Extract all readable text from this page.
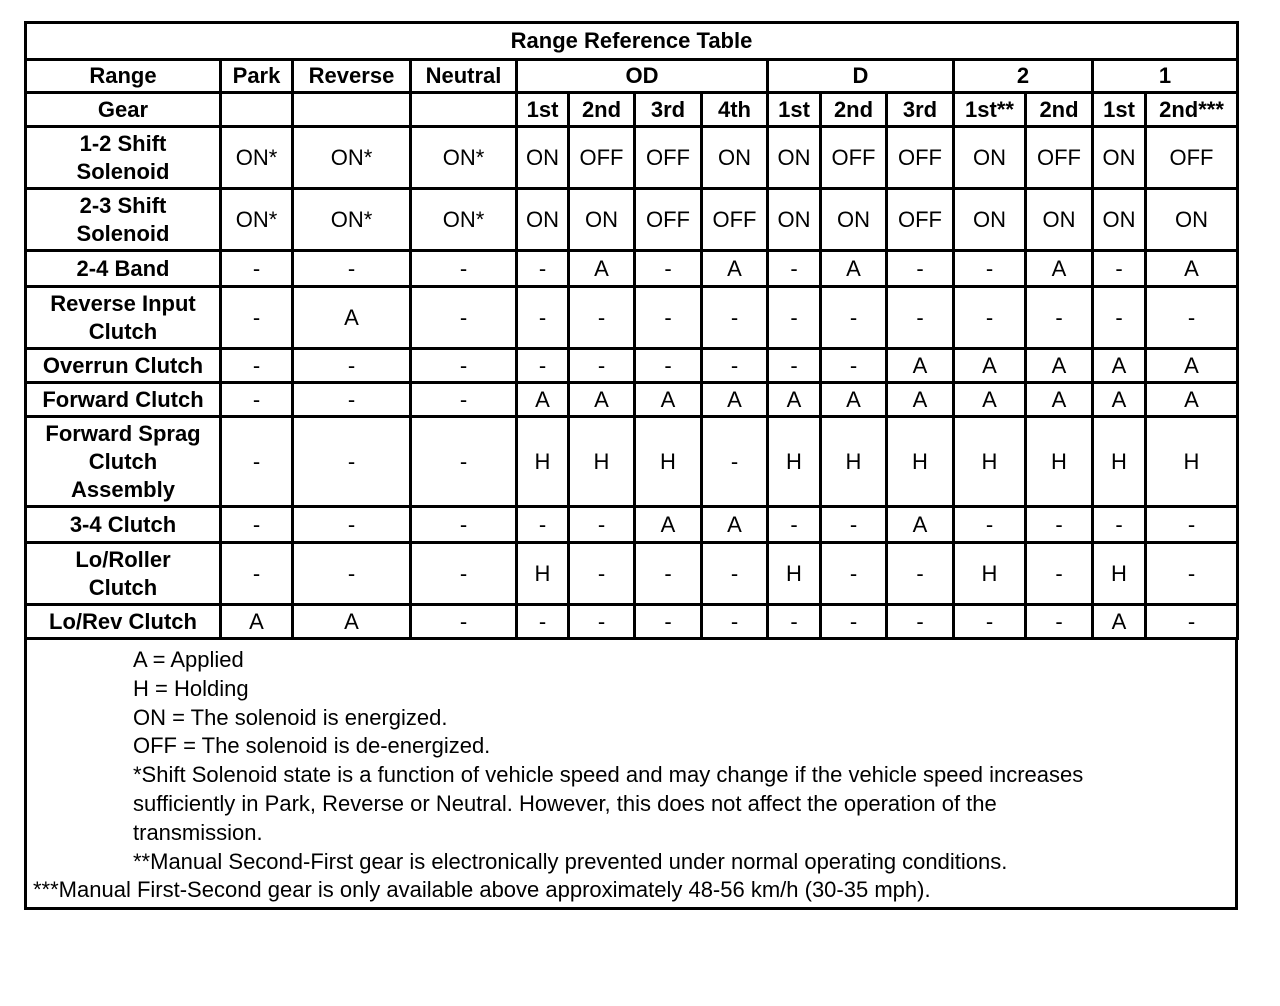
Range Reference Table														
Range	Park	Reverse	Neutral	OD				D			2		1	
Gear				1st	2nd	3rd	4th	1st	2nd	3rd	1st**	2nd	1st	2nd***

1-2 Shift
Solenoid	ON*	ON*	ON*	ON	OFF	OFF	ON	ON	OFF	OFF	ON	OFF	ON	OFF

2-3 Shift
Solenoid	ON*	ON*	ON*	ON	ON	OFF	OFF	ON	ON	OFF	ON	ON	ON	ON

2-4 Band	-	-	-	-	A	-	A	-	A	-	-	A	-	A

Reverse Input
Clutch	-	A	-	-	-	-	-	-	-	-	-	-	-	-

Overrun Clutch	-	-	-	-	-	-	-	-	-	A	A	A	A	A

Forward Clutch	-	-	-	A	A	A	A	A	A	A	A	A	A	A

Forward Sprag
Clutch
Assembly	-	-	-	H	H	H	-	H	H	H	H	H	H	H

3-4 Clutch	-	-	-	-	-	A	A	-	-	A	-	-	-	-

Lo/Roller
Clutch	-	-	-	H	-	-	-	H	-	-	H	-	H	-

Lo/Rev Clutch	A	A	-	-	-	-	-	-	-	-	-	-	A	-
A = Applied
H = Holding
ON = The solenoid is energized.
OFF = The solenoid is de-energized.
*Shift Solenoid state is a function of vehicle speed and may change if the vehicle speed increases
sufficiently in Park, Reverse or Neutral. However, this does not affect the operation of the
transmission.
**Manual Second-First gear is electronically prevented under normal operating conditions.
***Manual First-Second gear is only available above approximately 48-56 km/h (30-35 mph).
